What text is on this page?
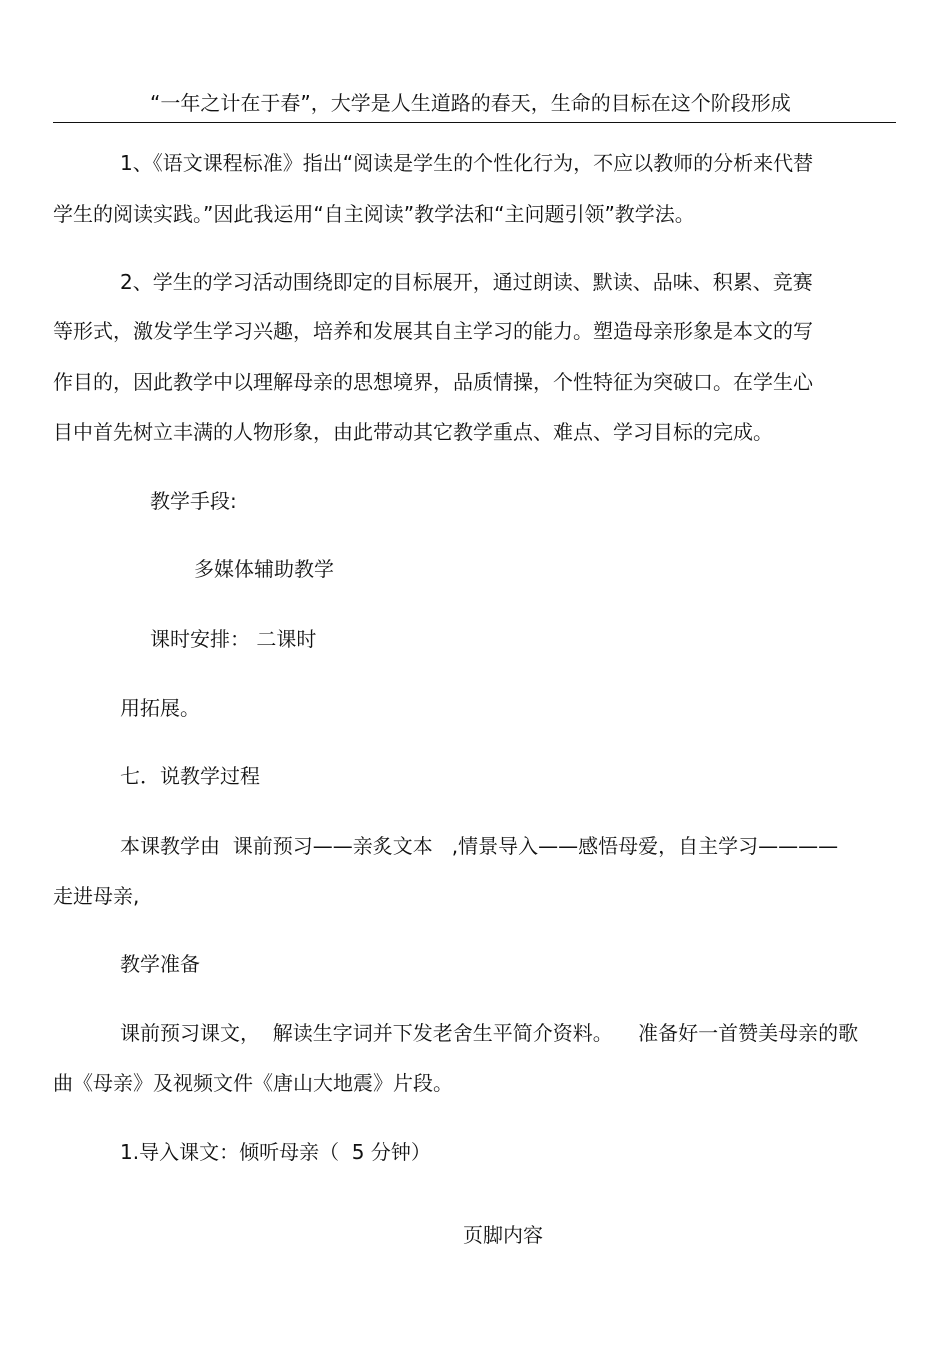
“一年之计在于春”，大学是人生道路的春天，生命的目标在这个阶段形成
1、《语文课程标准》指出“阅读是学生的个性化行为，不应以教师的分析来代替
学生的阅读实践。”因此我运用“自主阅读”教学法和“主问题引领”教学法。
2、学生的学习活动围绕即定的目标展开，通过朗读、默读、品味、积累、竞赛
等形式，激发学生学习兴趣，培养和发展其自主学习的能力。塑造母亲形象是本文的写
作目的，因此教学中以理解母亲的思想境界，品质情操，个性特征为突破口。在学生心
目中首先树立丰满的人物形象，由此带动其它教学重点、难点、学习目标的完成。
教学手段:
多媒体辅助教学
课时安排： 二课时
用拓展。
七．说教学过程
本课教学由  课前预习——亲炙文本   ,情景导入——感悟母爱，自主学习————
走进母亲,
教学准备
课前预习课文，  解读生字词并下发老舍生平简介资料。    准备好一首赞美母亲的歌
曲《母亲》及视频文件《唐山大地震》片段。
1.导入课文：倾听母亲（  5 分钟）
页脚内容
